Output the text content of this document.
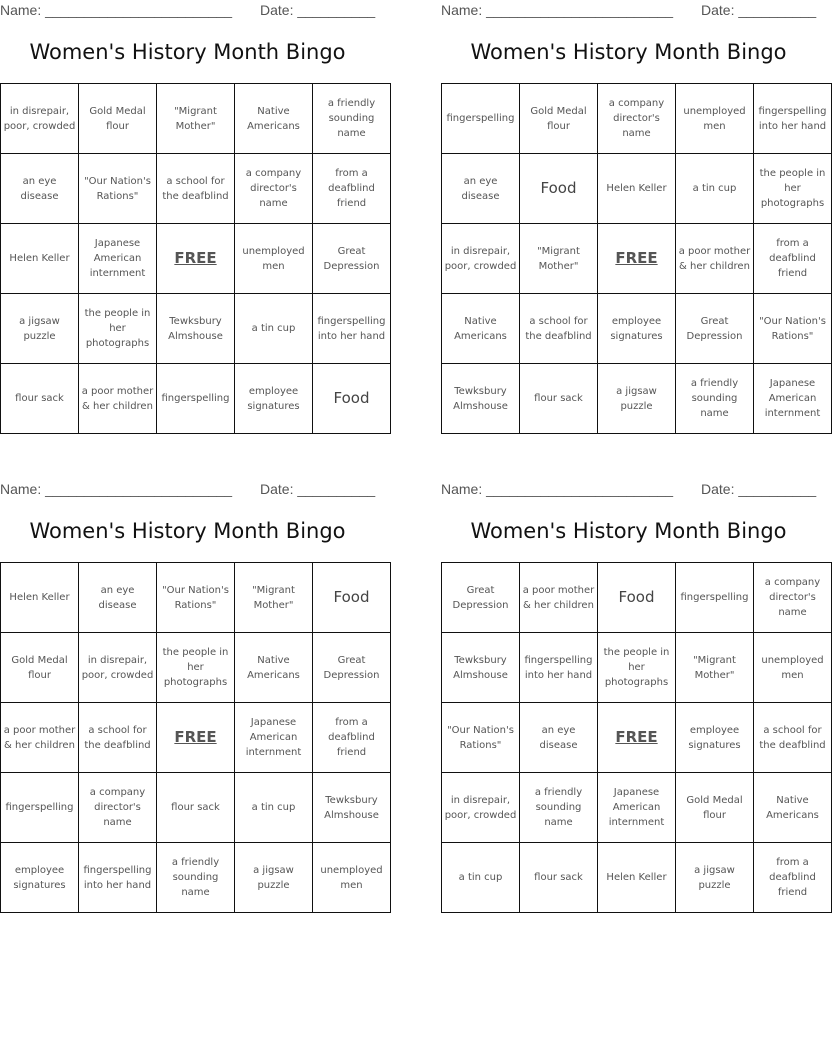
Name: ________________________ Date: __________
Women's History Month Bingo
in disrepair, poor, crowded	Gold Medal flour	"Migrant Mother"	Native Americans	a friendly sounding name
an eye disease	"Our Nation's Rations"	a school for the deafblind	a company director's name	from a deafblind friend
Helen Keller	Japanese American internment	FREE	unemployed men	Great Depression
a jigsaw puzzle	the people in her photographs	Tewksbury Almshouse	a tin cup	fingerspelling into her hand
flour sack	a poor mother & her children	fingerspelling	employee signatures	Food
Name: ________________________ Date: __________
Women's History Month Bingo
fingerspelling	Gold Medal flour	a company director's name	unemployed men	fingerspelling into her hand
an eye disease	Food	Helen Keller	a tin cup	the people in her photographs
in disrepair, poor, crowded	"Migrant Mother"	FREE	a poor mother & her children	from a deafblind friend
Native Americans	a school for the deafblind	employee signatures	Great Depression	"Our Nation's Rations"
Tewksbury Almshouse	flour sack	a jigsaw puzzle	a friendly sounding name	Japanese American internment
Name: ________________________ Date: __________
Women's History Month Bingo
Helen Keller	an eye disease	"Our Nation's Rations"	"Migrant Mother"	Food
Gold Medal flour	in disrepair, poor, crowded	the people in her photographs	Native Americans	Great Depression
a poor mother & her children	a school for the deafblind	FREE	Japanese American internment	from a deafblind friend
fingerspelling	a company director's name	flour sack	a tin cup	Tewksbury Almshouse
employee signatures	fingerspelling into her hand	a friendly sounding name	a jigsaw puzzle	unemployed men
Name: ________________________ Date: __________
Women's History Month Bingo
Great Depression	a poor mother & her children	Food	fingerspelling	a company director's name
Tewksbury Almshouse	fingerspelling into her hand	the people in her photographs	"Migrant Mother"	unemployed men
"Our Nation's Rations"	an eye disease	FREE	employee signatures	a school for the deafblind
in disrepair, poor, crowded	a friendly sounding name	Japanese American internment	Gold Medal flour	Native Americans
a tin cup	flour sack	Helen Keller	a jigsaw puzzle	from a deafblind friend
